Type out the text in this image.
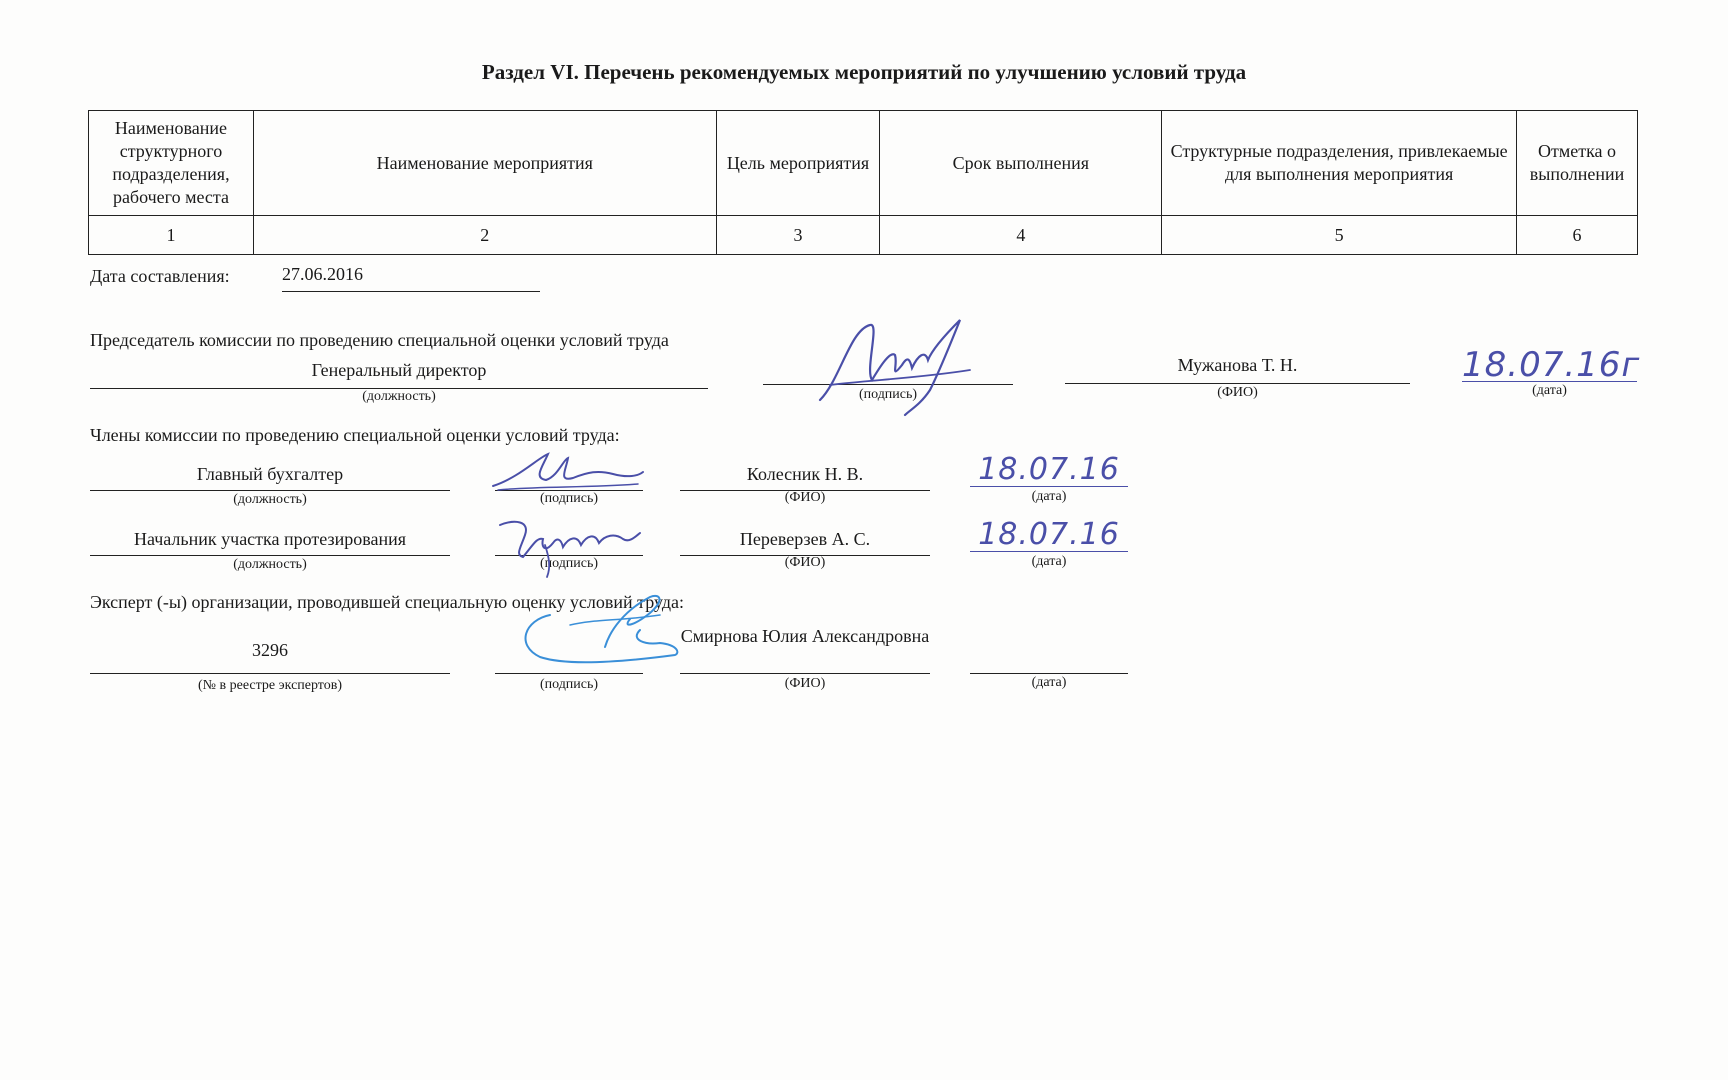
Раздел VI. Перечень рекомендуемых мероприятий по улучшению условий труда
Наименование структурного подразделения, рабочего места	Наименование мероприятия	Цель мероприятия	Срок выполнения	Структурные подразделения, привлекаемые для выполнения мероприятия	Отметка о выполнении
1	2	3	4	5	6
Дата составления:	27.06.2016
Председатель комиссии по проведению специальной оценки условий труда
Генеральный директор
(должность)	(подпись)
Мужанова Т. Н.
(ФИО)
18.07.16г
(дата)
Члены комиссии по проведению специальной оценки условий труда:
Главный бухгалтер
(должность)	(подпись)
Колесник Н. В.
(ФИО)
18.07.16
(дата)
Начальник участка протезирования
(должность)	(подпись)
Переверзев А. С.
(ФИО)
18.07.16
(дата)
Эксперт (-ы) организации, проводившей специальную оценку условий труда:
3296
(№ в реестре экспертов)	(подпись)
Смирнова Юлия Александровна
(ФИО)	(дата)
